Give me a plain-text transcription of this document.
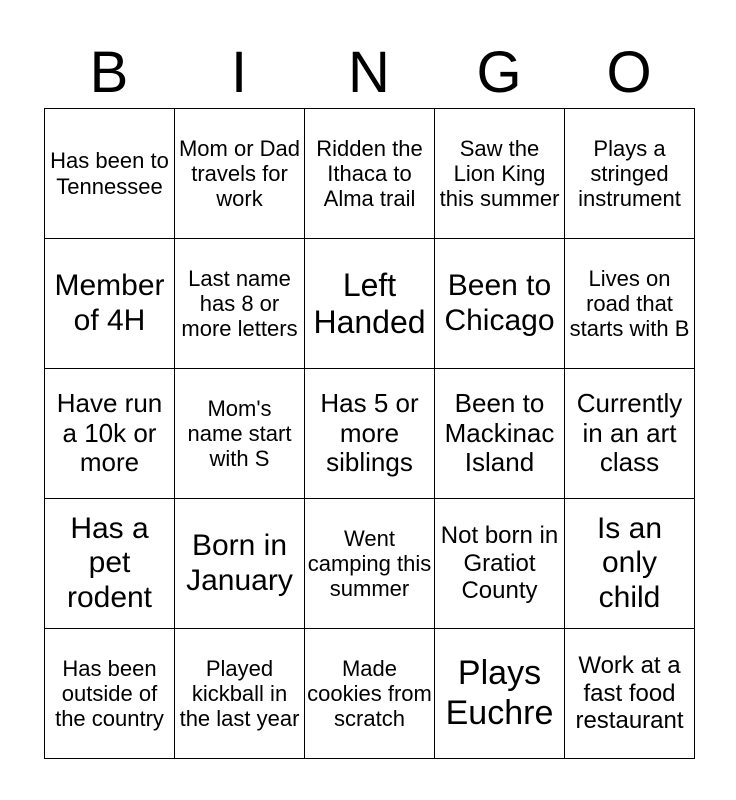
B	I	N	G	O
Has been to Tennessee	Mom or Dad travels for work	Ridden the Ithaca to Alma trail	Saw the Lion King this summer	Plays a stringed instrument
Member of 4H	Last name has 8 or more letters	Left Handed	Been to Chicago	Lives on road that starts with B
Have run a 10k or more	Mom's name start with S	Has 5 or more siblings	Been to Mackinac Island	Currently in an art class
Has a pet rodent	Born in January	Went camping this summer	Not born in Gratiot County	Is an only child
Has been outside of the country	Played kickball in the last year	Made cookies from scratch	Plays Euchre	Work at a fast food restaurant
